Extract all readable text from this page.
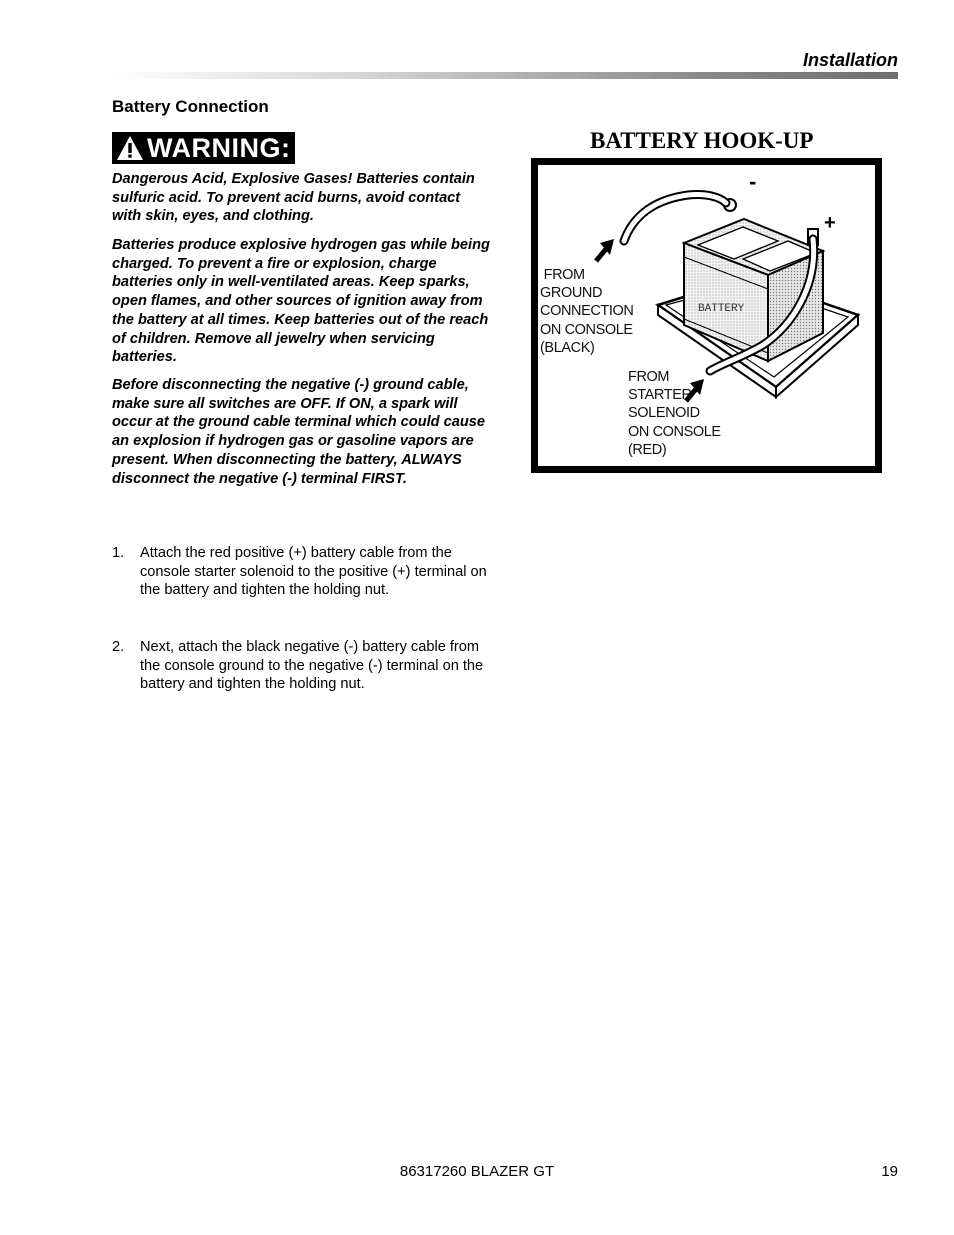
Installation
Battery Connection
WARNING:

Dangerous Acid, Explosive Gases! Batteries contain sulfuric acid. To prevent acid burns, avoid contact with skin, eyes, and clothing.

Batteries produce explosive hydrogen gas while being charged. To prevent a fire or explosion, charge batteries only in well-ventilated areas. Keep sparks, open flames, and other sources of ignition away from the battery at all times. Keep batteries out of the reach of children. Remove all jewelry when servicing batteries.

Before disconnecting the negative (-) ground cable, make sure all switches are OFF. If ON, a spark will occur at the ground cable terminal which could cause an explosion if hydrogen gas or gasoline vapors are present. When disconnecting the battery, ALWAYS disconnect the negative (-) terminal FIRST.

1.	Attach the red positive (+) battery cable from the console starter solenoid to the positive (+) terminal on the battery and tighten the holding nut.
2.	Next, attach the black negative (-) battery cable from the console ground to the negative (-) terminal on the battery and tighten the holding nut.
BATTERY HOOK-UP
-
+
BATTERY
FROM
GROUND
CONNECTION
ON CONSOLE
(BLACK)
FROM
STARTER
SOLENOID
ON CONSOLE
(RED)
86317260 BLAZER GT	19
